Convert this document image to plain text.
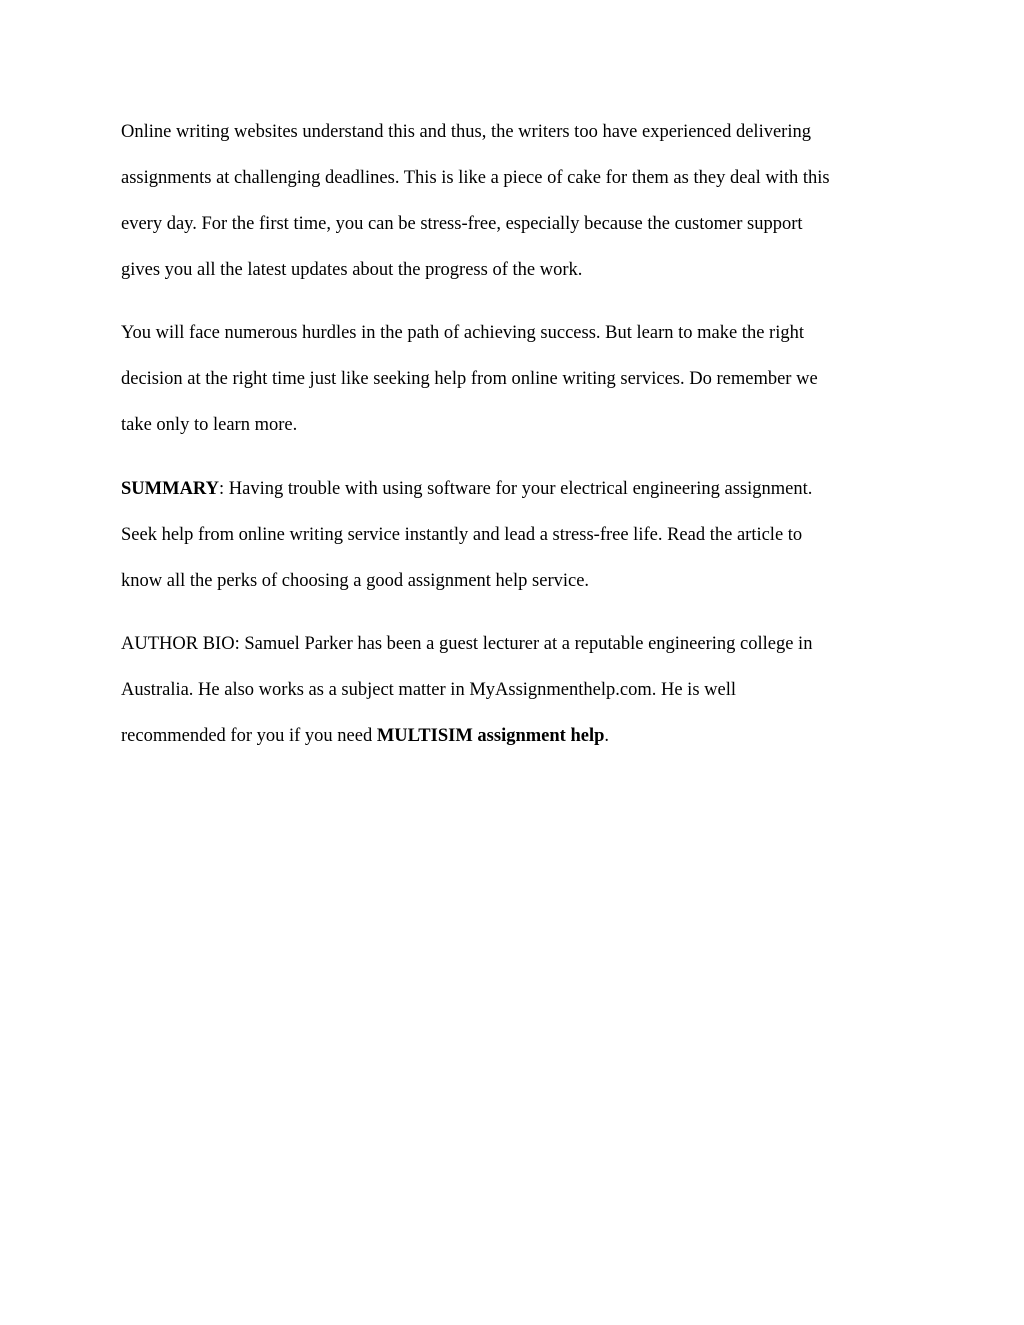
Online writing websites understand this and thus, the writers too have experienced delivering
assignments at challenging deadlines. This is like a piece of cake for them as they deal with this
every day. For the first time, you can be stress-free, especially because the customer support
gives you all the latest updates about the progress of the work.
You will face numerous hurdles in the path of achieving success. But learn to make the right
decision at the right time just like seeking help from online writing services. Do remember we
take only to learn more.
SUMMARY: Having trouble with using software for your electrical engineering assignment.
Seek help from online writing service instantly and lead a stress-free life. Read the article to
know all the perks of choosing a good assignment help service.
AUTHOR BIO: Samuel Parker has been a guest lecturer at a reputable engineering college in
Australia. He also works as a subject matter in MyAssignmenthelp.com. He is well
recommended for you if you need MULTISIM assignment help.
